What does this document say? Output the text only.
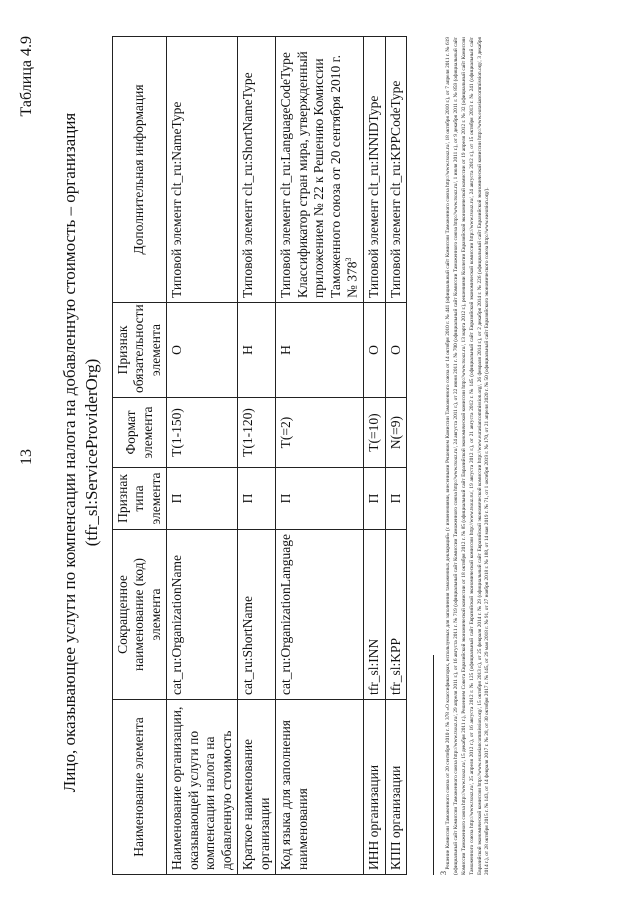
13
Таблица 4.9
Лицо, оказывающее услуги по компенсации налога на добавленную стоимость – организация (tfr_sl:ServiceProviderOrg)
Наименование элемента	Сокращенное наименование (код) элемента	Признак типа элемента	Формат элемента	Признак обязательности элемента	Дополнительная информация
Наименование организации, оказывающей услуги по компенсации налога на добавленную стоимость	cat_ru:OrganizationName	П	T(1-150)	О	Типовой элемент clt_ru:NameType
Краткое наименование организации	cat_ru:ShortName	П	T(1-120)	Н	Типовой элемент clt_ru:ShortNameType
Код языка для заполнения наименования	cat_ru:OrganizationLanguage	П	T(=2)	Н	Типовой элемент clt_ru:LanguageCodeType Классификатор стран мира, утвержденный приложением № 22 к Решению Комиссии Таможенного союза от 20 сентября 2010 г. № $378^3$
ИНН организации	tfr_sl:INN	П	T(=10)	О	Типовой элемент clt_ru:INNIDType
КПП организации	tfr_sl:KPP	П	N(=9)	О	Типовой элемент clt_ru:KPPCodeType
$^3$ Решение Комиссии Таможенного союза от 20 сентября 2010 г. № 378 «О классификаторах, используемых для заполнения таможенных деклараций» (с изменениями, внесенными Решением Комиссии Таможенного союза от 14 октября 2010 г. № 441 (официальный сайт Комиссии Таможенного союза http://www.tsouz.ru/, 18 октября 2010 г.), от 7 апреля 2011 г. № 619 (официальный сайт Комиссии Таможенного союза http://www.tsouz.ru/, 29 апреля 2011 г.), от 16 августа 2011 г. № 719 (официальный сайт Комиссии Таможенного союза http://www.tsouz.ru/, 24 августа 2011 г.), от 22 июня 2011 г. № 700 (официальный сайт Комиссии Таможенного союза http://www.tsouz.ru/, 1 июля 2011 г.), от 9 декабря 2011 г. № 859 (официальный сайт Комиссии Таможенного союза http://www.tsouz.ru/, 15 декабря 2011 г.), Решением Совета Евразийской экономической комиссии от 18 октября 2012 г. № 85 (официальный сайт Евразийской экономической комиссии http://www.tsouz.ru/, 13 марта 2012 г.), решениями Коллегии Евразийской экономической комиссии от 19 апреля 2012 г. № 32 (официальный сайт Комиссии Таможенного союза http://www.tsouz.ru/, 25 апреля 2012 г.), от 16 августа 2012 г. № 125 (официальный сайт Евразийской экономической комиссии http://www.tsouz.ru/, 19 августа 2012 г.), от 21 августа 2012 г. № 145 (официальный сайт Евразийской экономической комиссии http://www.tsouz.ru/, 24 августа 2012 г.), от 15 октября 2013 г. № 241 (официальный сайт Евразийской экономической комиссии http://www.eurasiancommission.org/, 15 октября 2013 г.), от 25 февраля 2014 г. № 29 (официальный сайт Евразийской экономической комиссии http://www.eurasiancommission.org/, 26 февраля 2014 г.), от 2 декабря 2014 г. № 226 (официальный сайт Евразийской экономической комиссии http://www.eurasiancommission.org/, 3 декабря 2014 г.), от 28 октября 2015 г. № 143, от 14 февраля 2017 г. № 28, от 30 октября 2017 г. № 145, от 29 мая 2018 г. № 91, от 27 ноября 2018 г. № 188, от 14 мая 2019 г. № 71, от 1 октября 2019 г. № 170, от 21 апреля 2020 г. № 50 (официальный сайт Евразийского экономического союза http://www.eaeunion.org/).
